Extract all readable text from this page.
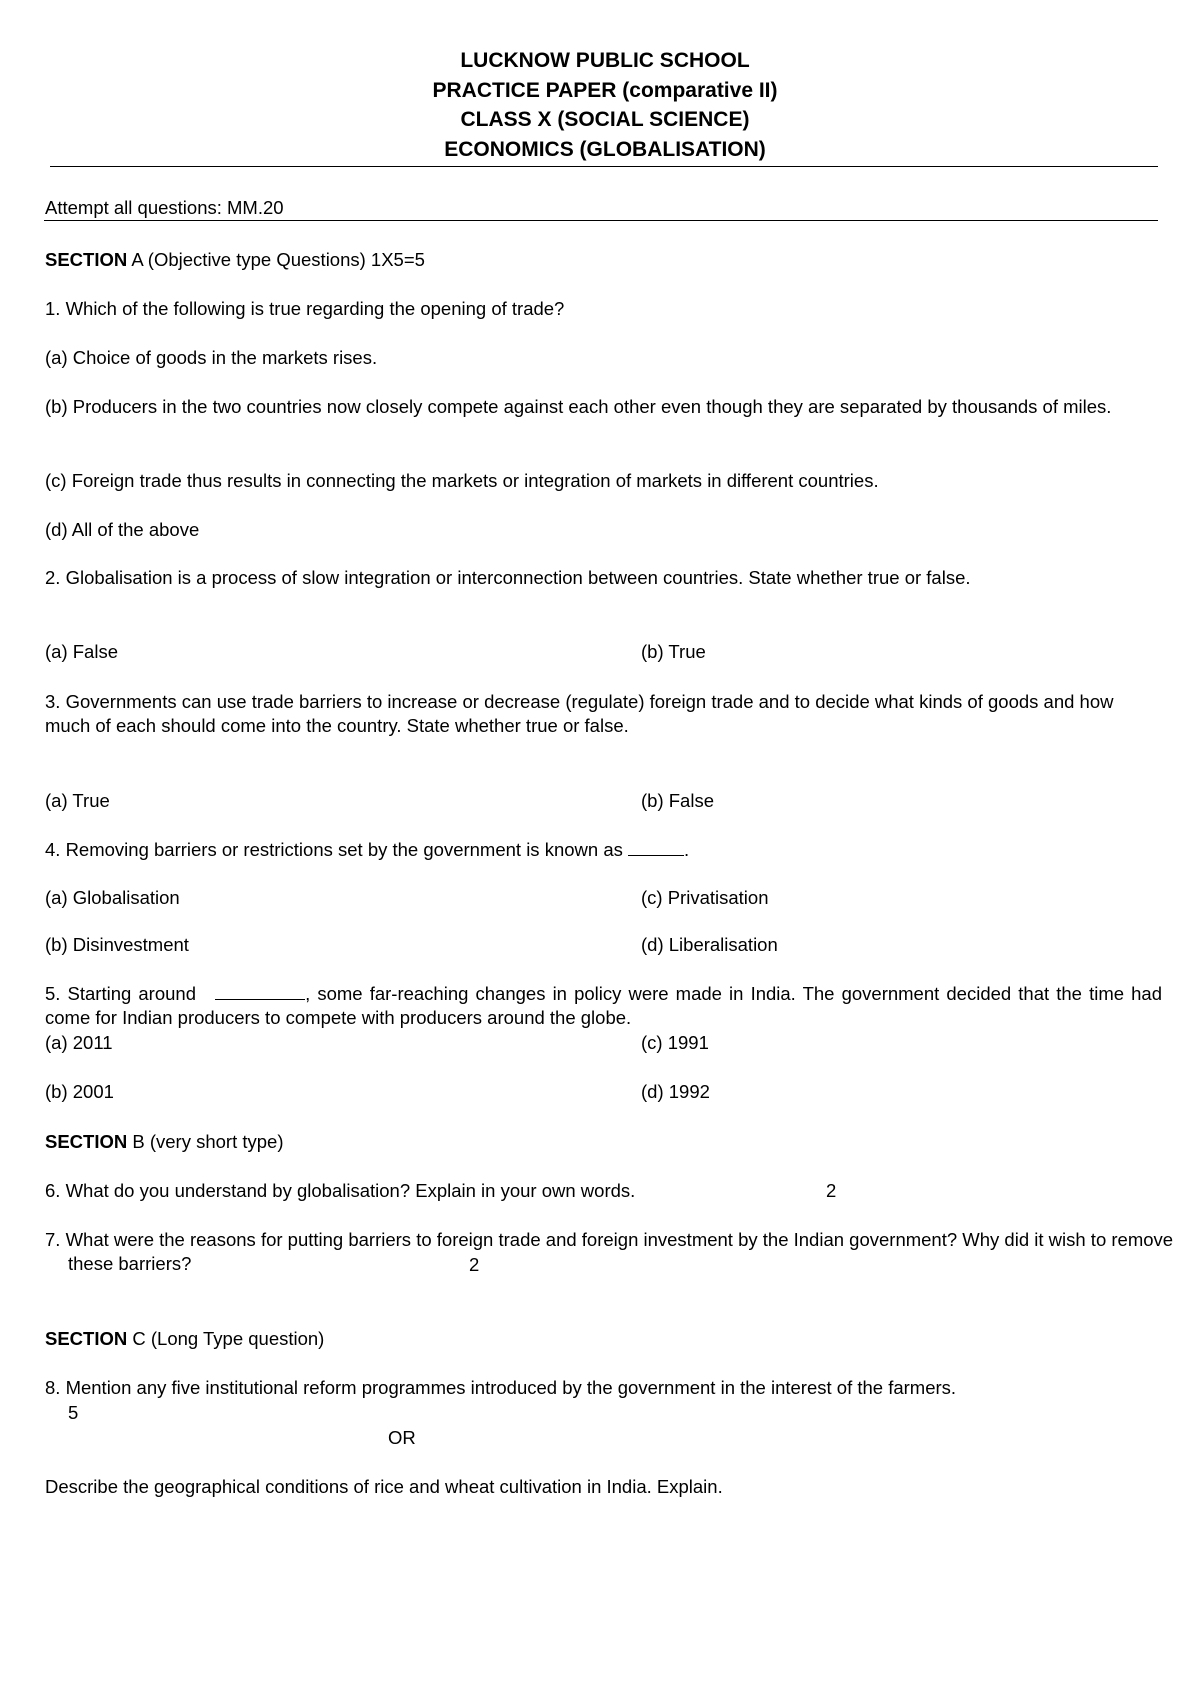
LUCKNOW PUBLIC SCHOOL
PRACTICE PAPER (comparative II)
CLASS X (SOCIAL SCIENCE)
ECONOMICS (GLOBALISATION)
Attempt all questions: MM.20
SECTION A (Objective type Questions) 1X5=5
1. Which of the following is true regarding the opening of trade?
(a) Choice of goods in the markets rises.
(b) Producers in the two countries now closely compete against each other even though they are separated by thousands of miles.
(c) Foreign trade thus results in connecting the markets or integration of markets in different countries.
(d) All of the above
2. Globalisation is a process of slow integration or interconnection between countries. State whether true or false.
(a) False	(b) True
3. Governments can use trade barriers to increase or decrease (regulate) foreign trade and to decide what kinds of goods and how much of each should come into the country. State whether true or false.
(a) True	(b) False
4. Removing barriers or restrictions set by the government is known as	.
(a) Globalisation	(c) Privatisation
(b) Disinvestment	(d) Liberalisation
5. Starting around	, some far-reaching changes in policy were made in India. The government decided that the time had come for Indian producers to compete with producers around the globe.
(a) 2011	(c) 1991
(b) 2001	(d) 1992
SECTION B (very short type)
6. What do you understand by globalisation? Explain in your own words.	2
7. What were the reasons for putting barriers to foreign trade and foreign investment by the Indian government? Why did it wish to remove these barriers?	2
SECTION C (Long Type question)
8. Mention any five institutional reform programmes introduced by the government in the interest of the farmers.
5
OR
Describe the geographical conditions of rice and wheat cultivation in India. Explain.
